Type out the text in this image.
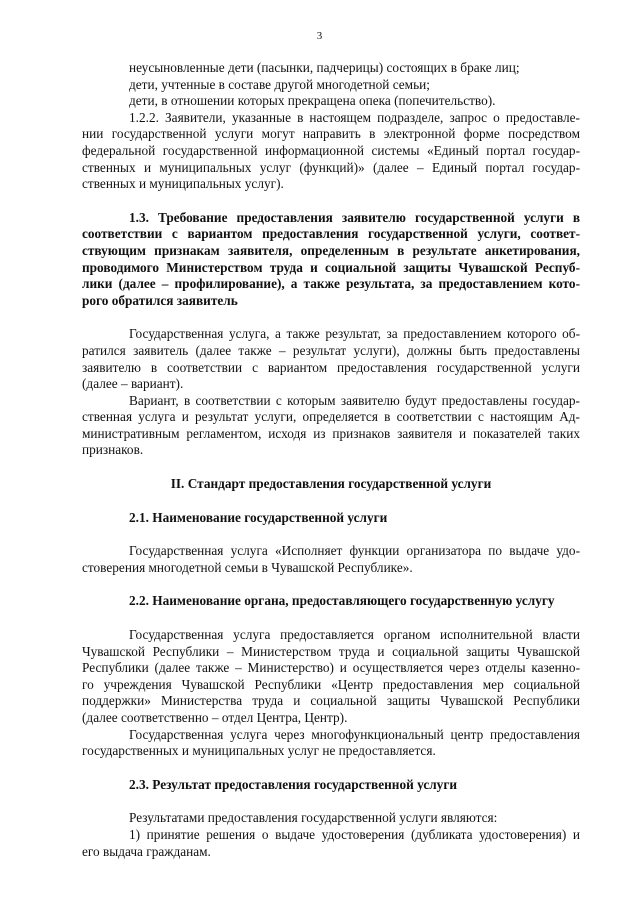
3
неусыновленные дети (пасынки, падчерицы) состоящих в браке лиц;
дети, учтенные в составе другой многодетной семьи;
дети, в отношении которых прекращена опека (попечительство).
1.2.2. Заявители, указанные в настоящем подразделе, запрос о предоставле-
нии государственной услуги могут направить в электронной форме посредством
федеральной государственной информационной системы «Единый портал государ-
ственных и муниципальных услуг (функций)» (далее – Единый портал государ-
ственных и муниципальных услуг).
1.3. Требование предоставления заявителю государственной услуги в
соответствии с вариантом предоставления государственной услуги, соответ-
ствующим признакам заявителя, определенным в результате анкетирования,
проводимого Министерством труда и социальной защиты Чувашской Респуб-
лики (далее – профилирование), а также результата, за предоставлением кото-
рого обратился заявитель
Государственная услуга, а также результат, за предоставлением которого об-
ратился заявитель (далее также – результат услуги), должны быть предоставлены
заявителю в соответствии с вариантом предоставления государственной услуги
(далее – вариант).
Вариант, в соответствии с которым заявителю будут предоставлены государ-
ственная услуга и результат услуги, определяется в соответствии с настоящим Ад-
министративным регламентом, исходя из признаков заявителя и показателей таких
признаков.
II. Стандарт предоставления государственной услуги
2.1. Наименование государственной услуги
Государственная услуга «Исполняет функции организатора по выдаче удо-
стоверения многодетной семьи в Чувашской Республике».
2.2. Наименование органа, предоставляющего государственную услугу
Государственная услуга предоставляется органом исполнительной власти
Чувашской Республики – Министерством труда и социальной защиты Чувашской
Республики (далее также – Министерство) и осуществляется через отделы казенно-
го учреждения Чувашской Республики «Центр предоставления мер социальной
поддержки» Министерства труда и социальной защиты Чувашской Республики
(далее соответственно – отдел Центра, Центр).
Государственная услуга через многофункциональный центр предоставления
государственных и муниципальных услуг не предоставляется.
2.3. Результат предоставления государственной услуги
Результатами предоставления государственной услуги являются:
1) принятие решения о выдаче удостоверения (дубликата удостоверения) и
его выдача гражданам.
